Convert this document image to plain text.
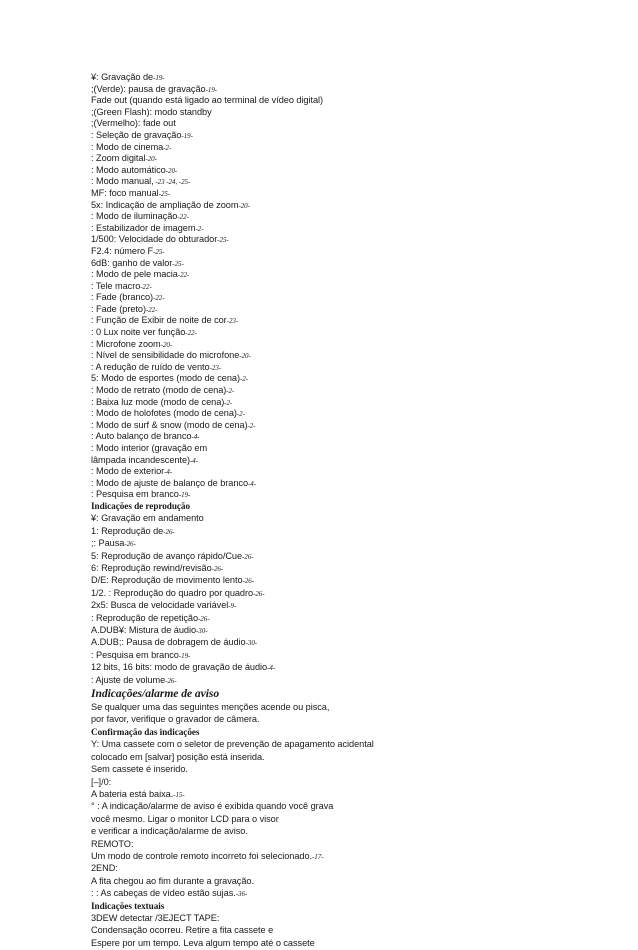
¥: Gravação de-19-
;(Verde): pausa de gravação-19-
Fade out (quando está ligado ao terminal de vídeo digital)
;(Green Flash): modo standby
;(Vermelho): fade out
: Seleção de gravação-19-
: Modo de cinema-2-
: Zoom digital-20-
: Modo automático-20-
: Modo manual, -23 -24, -25-
MF: foco manual-25-
5x: Indicação de ampliação de zoom-20-
: Modo de iluminação-22-
: Estabilizador de imagem-2-
1/500: Velocidade do obturador-25-
F2.4: número F-25-
6dB: ganho de valor-25-
: Modo de pele macia-22-
: Tele macro-22-
: Fade (branco)-22-
: Fade (preto)-22-
: Função de Exibir de noite de cor-23-
: 0 Lux noite ver função-22-
: Microfone zoom-20-
: Nível de sensibilidade do microfone-20-
: A redução de ruído de vento-23-
5: Modo de esportes (modo de cena)-2-
: Modo de retrato (modo de cena)-2-
: Baixa luz mode (modo de cena)-2-
: Modo de holofotes (modo de cena)-2-
: Modo de surf & snow (modo de cena)-2-
: Auto balanço de branco-4-
: Modo interior (gravação em
lâmpada incandescente)-4-
: Modo de exterior-4-
: Modo de ajuste de balanço de branco-4-
: Pesquisa em branco-19-
Indicações de reprodução
¥: Gravação em andamento
1: Reprodução de-26-
;: Pausa-26-
5: Reprodução de avanço rápido/Cue-26-
6: Reprodução rewind/revisão-26-
D/E: Reprodução de movimento lento-26-
1/2. : Reprodução do quadro por quadro-26-
2x5: Busca de velocidade variável-9-
: Reprodução de repetição-26-
A.DUB¥: Mistura de áudio-30-
A.DUB;: Pausa de dobragem de áudio-30-
: Pesquisa em branco-19-
12 bits, 16 bits: modo de gravação de áudio-4-
: Ajuste de volume-26-
Indicações/alarme de aviso
Se qualquer uma das seguintes menções acende ou pisca,
por favor, verifique o gravador de câmera.
Confirmação das indicações
Y: Uma cassete com o seletor de prevenção de apagamento acidental
colocado em [salvar] posição está inserida.
Sem cassete é inserido.
[–]/0:
A bateria está baixa.-15-
° : A indicação/alarme de aviso é exibida quando você grava
você mesmo. Ligar o monitor LCD para o visor
e verificar a indicação/alarme de aviso.
REMOTO:
Um modo de controle remoto incorreto foi selecionado.-17-
2END:
A fita chegou ao fim durante a gravação.
: : As cabeças de vídeo estão sujas.-36-
Indicações textuais
3DEW detectar /3EJECT TAPE:
Condensação ocorreu. Retire a fita cassete e
Espere por um tempo. Leva algum tempo até o cassete
